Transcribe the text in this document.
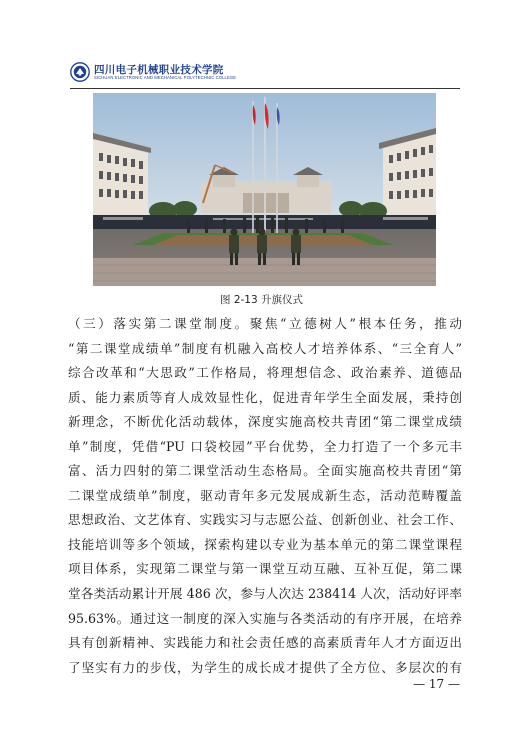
四川电子机械职业技术学院
SICHUAN ELECTRONIC AND MECHANICAL POLYTECHNIC COLLEGE
图 2-13 升旗仪式
（三）落实第二课堂制度。聚焦“立德树人”根本任务，推动
“第二课堂成绩单”制度有机融入高校人才培养体系、“三全育人”
综合改革和“大思政”工作格局，将理想信念、政治素养、道德品
质、能力素质等育人成效显性化，促进青年学生全面发展，秉持创
新理念，不断优化活动载体，深度实施高校共青团“第二课堂成绩
单”制度，凭借“PU 口袋校园”平台优势，全力打造了一个多元丰
富、活力四射的第二课堂活动生态格局。全面实施高校共青团“第
二课堂成绩单”制度，驱动青年多元发展成新生态，活动范畴覆盖
思想政治、文艺体育、实践实习与志愿公益、创新创业、社会工作、
技能培训等多个领域，探索构建以专业为基本单元的第二课堂课程
项目体系，实现第二课堂与第一课堂互动互融、互补互促，第二课
堂各类活动累计开展 486 次，参与人次达 238414 人次，活动好评率
95.63%。通过这一制度的深入实施与各类活动的有序开展，在培养
具有创新精神、实践能力和社会责任感的高素质青年人才方面迈出
了坚实有力的步伐，为学生的成长成才提供了全方位、多层次的有
— 17 —
